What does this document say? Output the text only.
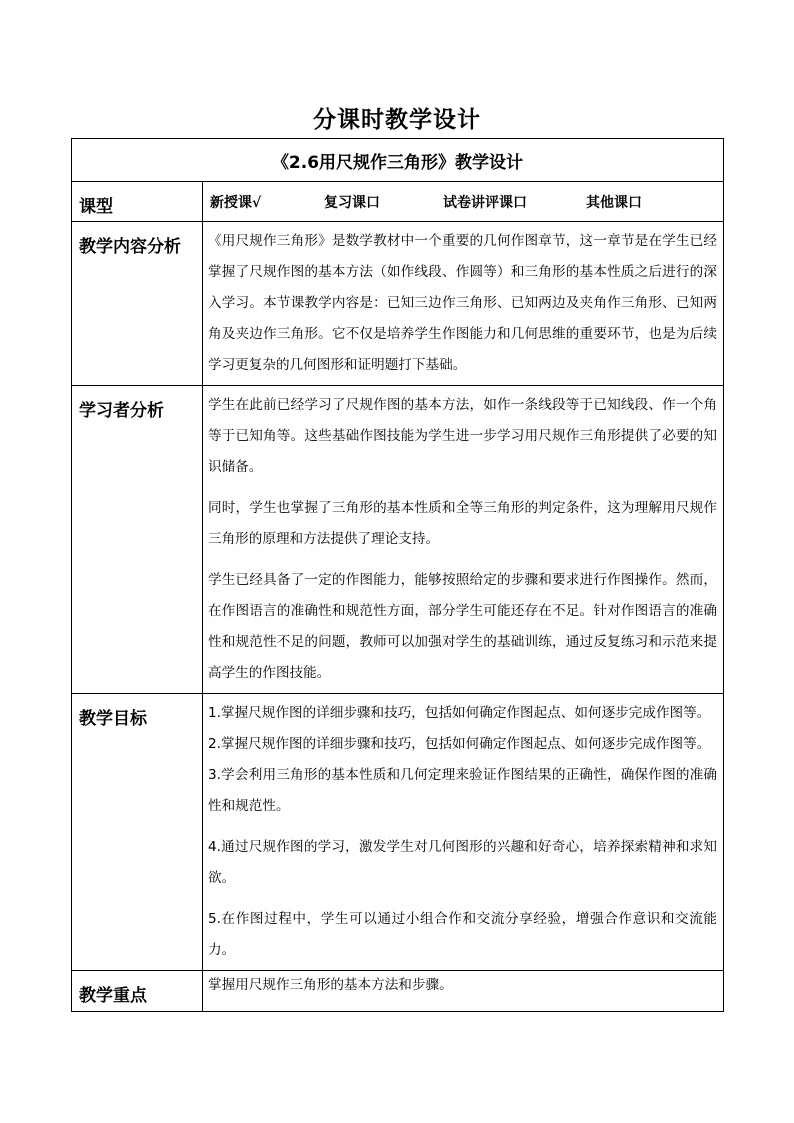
分课时教学设计
《2.6用尺规作三角形》教学设计	
课型	新授课√ 复习课口 试卷讲评课口 其他课口

教学内容分析	《用尺规作三角形》是数学教材中一个重要的几何作图章节，这一章节是在学生已经掌握了尺规作图的基本方法（如作线段、作圆等）和三角形的基本性质之后进行的深入学习。本节课教学内容是：已知三边作三角形、已知两边及夹角作三角形、已知两角及夹边作三角形。它不仅是培养学生作图能力和几何思维的重要环节，也是为后续学习更复杂的几何图形和证明题打下基础。

学习者分析	学生在此前已经学习了尺规作图的基本方法，如作一条线段等于已知线段、作一个角等于已知角等。这些基础作图技能为学生进一步学习用尺规作三角形提供了必要的知识储备。

同时，学生也掌握了三角形的基本性质和全等三角形的判定条件，这为理解用尺规作三角形的原理和方法提供了理论支持。

学生已经具备了一定的作图能力，能够按照给定的步骤和要求进行作图操作。然而，在作图语言的准确性和规范性方面，部分学生可能还存在不足。针对作图语言的准确性和规范性不足的问题，教师可以加强对学生的基础训练，通过反复练习和示范来提高学生的作图技能。

教学目标	1.掌握尺规作图的详细步骤和技巧，包括如何确定作图起点、如何逐步完成作图等。
2.掌握尺规作图的详细步骤和技巧，包括如何确定作图起点、如何逐步完成作图等。
3.学会利用三角形的基本性质和几何定理来验证作图结果的正确性，确保作图的准确性和规范性。

4.通过尺规作图的学习，激发学生对几何图形的兴趣和好奇心，培养探索精神和求知欲。

5.在作图过程中，学生可以通过小组合作和交流分享经验，增强合作意识和交流能力。

教学重点	掌握用尺规作三角形的基本方法和步骤。
